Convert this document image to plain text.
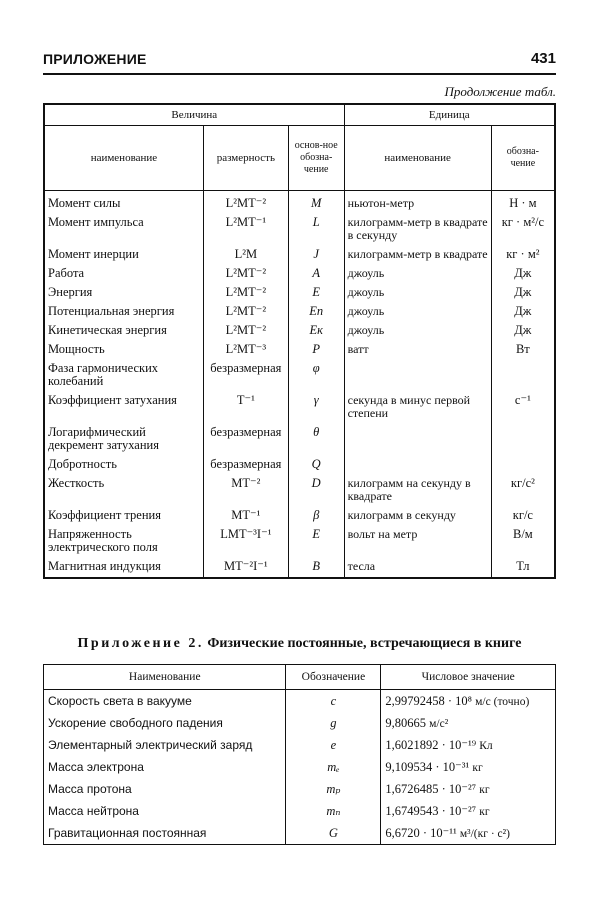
ПРИЛОЖЕНИЕ	431
Продолжение табл.
Величина			Единица	
наименование	размерность	основ-ное обозна-чение	наименование	обозна-чение
Момент силы	L²MT⁻²	M	ньютон-метр	Н · м
Момент импульса	L²MT⁻¹	L	килограмм-метр в квадрате в секунду	кг · м²/с
Момент инерции	L²M	J	килограмм-метр в квадрате	кг · м²
Работа	L²MT⁻²	A	джоуль	Дж
Энергия	L²MT⁻²	E	джоуль	Дж
Потенциальная энергия	L²MT⁻²	Eп	джоуль	Дж
Кинетическая энергия	L²MT⁻²	Eк	джоуль	Дж
Мощность	L²MT⁻³	P	ватт	Вт
Фаза гармонических колебаний	безразмерная	φ		
Коэффициент затухания	T⁻¹	γ	секунда в минус первой степени	с⁻¹
Логарифмический декремент затухания	безразмерная	θ		
Добротность	безразмерная	Q		
Жесткость	MT⁻²	D	килограмм на секунду в квадрате	кг/с²
Коэффициент трения	MT⁻¹	β	килограмм в секунду	кг/с
Напряженность электрического поля	LMT⁻³I⁻¹	E	вольт на метр	В/м
Магнитная индукция	MT⁻²I⁻¹	B	тесла	Тл
Приложение 2. Физические постоянные, встречающиеся в книге
Наименование	Обозначение	Числовое значение
Скорость света в вакууме	c	2,99792458 · 10⁸ м/с (точно)
Ускорение свободного падения	g	9,80665 м/с²
Элементарный электрический заряд	e	1,6021892 · 10⁻¹⁹ Кл
Масса электрона	mₑ	9,109534 · 10⁻³¹ кг
Масса протона	mₚ	1,6726485 · 10⁻²⁷ кг
Масса нейтрона	mₙ	1,6749543 · 10⁻²⁷ кг
Гравитационная постоянная	G	6,6720 · 10⁻¹¹ м³/(кг · с²)
